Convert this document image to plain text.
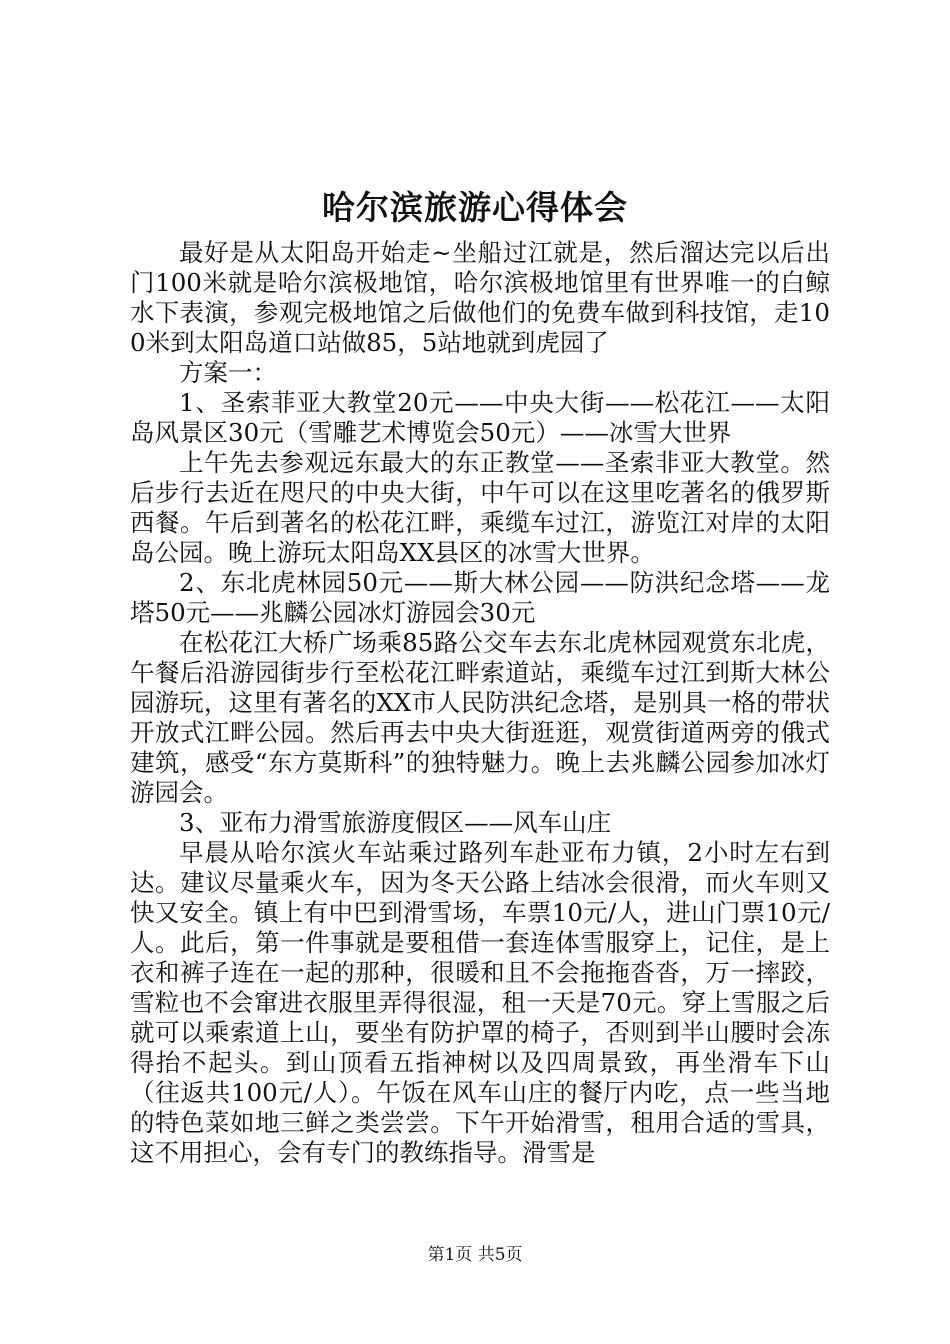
哈尔滨旅游心得体会

最好是从太阳岛开始走~坐船过江就是，然后溜达完以后出门100米就是哈尔滨极地馆，哈尔滨极地馆里有世界唯一的白鲸水下表演，参观完极地馆之后做他们的免费车做到科技馆，走100米到太阳岛道口站做85，5站地就到虎园了

方案一：

1、圣索菲亚大教堂20元——中央大街——松花江——太阳岛风景区30元（雪雕艺术博览会50元）——冰雪大世界

上午先去参观远东最大的东正教堂——圣索非亚大教堂。然后步行去近在咫尺的中央大街，中午可以在这里吃著名的俄罗斯西餐。午后到著名的松花江畔，乘缆车过江，游览江对岸的太阳岛公园。晚上游玩太阳岛XX县区的冰雪大世界。

2、东北虎林园50元——斯大林公园——防洪纪念塔——龙塔50元——兆麟公园冰灯游园会30元

在松花江大桥广场乘85路公交车去东北虎林园观赏东北虎，午餐后沿游园街步行至松花江畔索道站，乘缆车过江到斯大林公园游玩，这里有著名的XX市人民防洪纪念塔，是别具一格的带状开放式江畔公园。然后再去中央大街逛逛，观赏街道两旁的俄式建筑，感受“东方莫斯科”的独特魅力。晚上去兆麟公园参加冰灯游园会。

3、亚布力滑雪旅游度假区——风车山庄

早晨从哈尔滨火车站乘过路列车赴亚布力镇，2小时左右到达。建议尽量乘火车，因为冬天公路上结冰会很滑，而火车则又快又安全。镇上有中巴到滑雪场，车票10元/人，进山门票10元/人。此后，第一件事就是要租借一套连体雪服穿上，记住，是上衣和裤子连在一起的那种，很暖和且不会拖拖沓沓，万一摔跤，雪粒也不会窜进衣服里弄得很湿，租一天是70元。穿上雪服之后就可以乘索道上山，要坐有防护罩的椅子，否则到半山腰时会冻得抬不起头。到山顶看五指神树以及四周景致，再坐滑车下山（往返共100元/人）。午饭在风车山庄的餐厅内吃，点一些当地的特色菜如地三鲜之类尝尝。下午开始滑雪，租用合适的雪具，这不用担心，会有专门的教练指导。滑雪是

第1页 共5页
